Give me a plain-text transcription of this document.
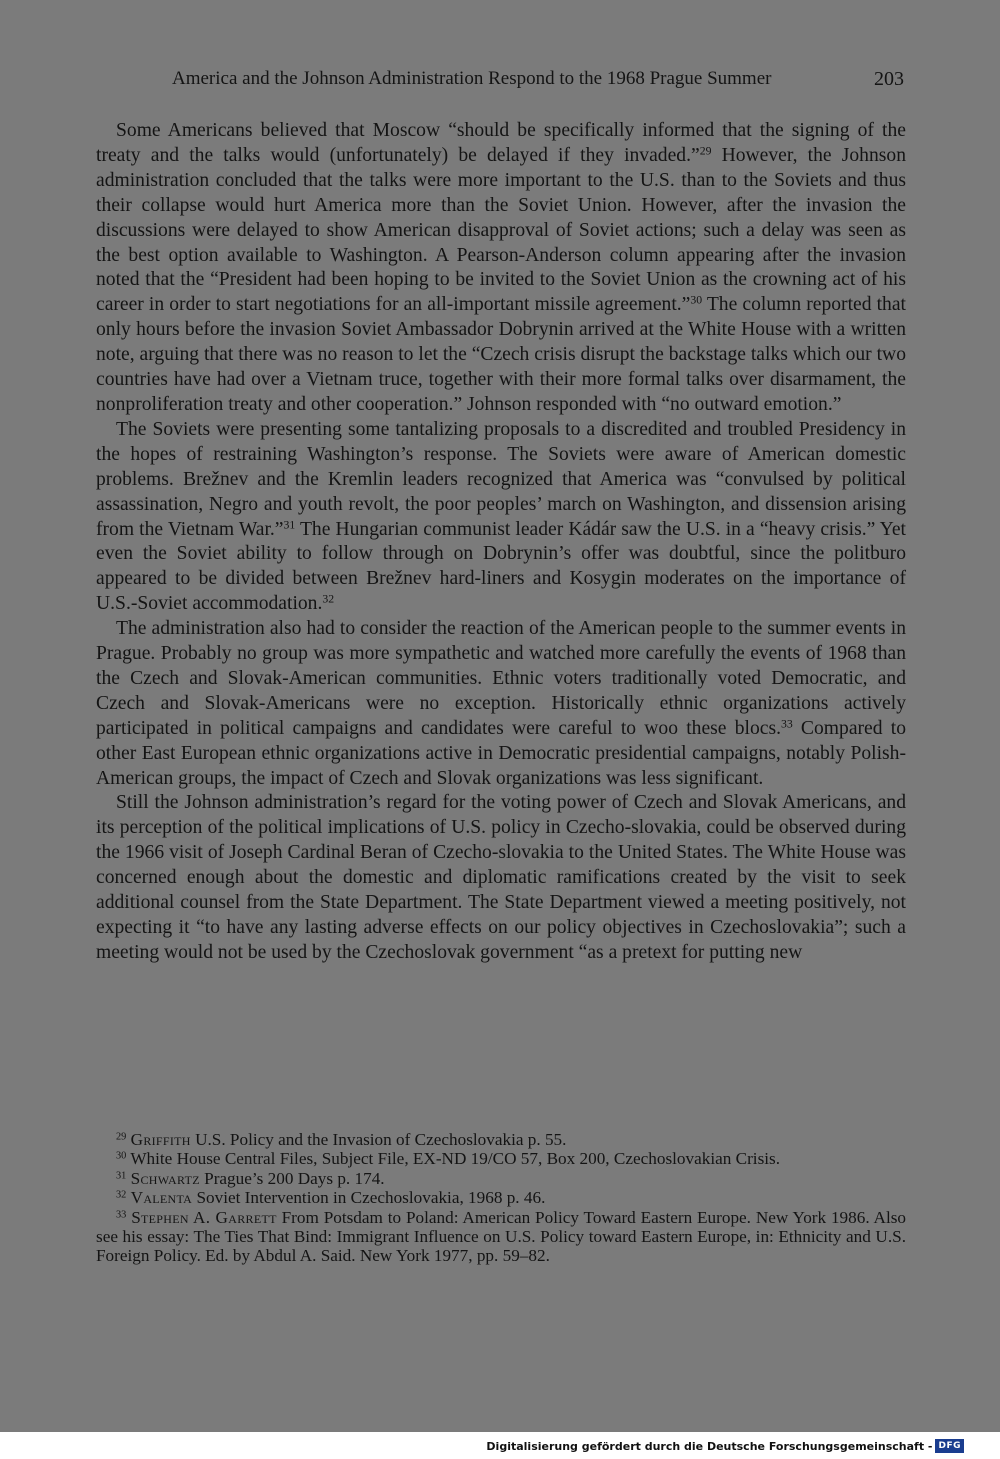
America and the Johnson Administration Respond to the 1968 Prague Summer	203

Some Americans believed that Moscow “should be specifically informed that the signing of the treaty and the talks would (unfortunately) be delayed if they invaded.”$^{29}$ However, the Johnson administration concluded that the talks were more important to the U.S. than to the Soviets and thus their collapse would hurt America more than the Soviet Union. However, after the invasion the discussions were delayed to show American disapproval of Soviet actions; such a delay was seen as the best option available to Washington. A Pearson-Anderson column appearing after the invasion noted that the “President had been hoping to be invited to the Soviet Union as the crowning act of his career in order to start negotiations for an all-important missile agreement.”$^{30}$ The column reported that only hours before the invasion Soviet Ambassador Dobrynin arrived at the White House with a written note, arguing that there was no reason to let the “Czech crisis disrupt the backstage talks which our two countries have had over a Vietnam truce, together with their more formal talks over disarmament, the nonproliferation treaty and other cooperation.” Johnson responded with “no outward emotion.”

The Soviets were presenting some tantalizing proposals to a discredited and troubled Presidency in the hopes of restraining Washington’s response. The Soviets were aware of American domestic problems. Brežnev and the Kremlin leaders recognized that America was “convulsed by political assassination, Negro and youth revolt, the poor peoples’ march on Washington, and dissension arising from the Vietnam War.”$^{31}$ The Hungarian communist leader Kádár saw the U.S. in a “heavy crisis.” Yet even the Soviet ability to follow through on Dobrynin’s offer was doubtful, since the politburo appeared to be divided between Brežnev hard-liners and Kosygin moderates on the importance of U.S.-Soviet accommodation.$^{32}$

The administration also had to consider the reaction of the American people to the summer events in Prague. Probably no group was more sympathetic and watched more carefully the events of 1968 than the Czech and Slovak-American communities. Ethnic voters traditionally voted Democratic, and Czech and Slovak-Americans were no exception. Historically ethnic organizations actively participated in political campaigns and candidates were careful to woo these blocs.$^{33}$ Compared to other East European ethnic organizations active in Democratic presidential campaigns, notably Polish-American groups, the impact of Czech and Slovak organizations was less significant.

Still the Johnson administration’s regard for the voting power of Czech and Slovak Americans, and its perception of the political implications of U.S. policy in Czecho-slovakia, could be observed during the 1966 visit of Joseph Cardinal Beran of Czecho-slovakia to the United States. The White House was concerned enough about the domestic and diplomatic ramifications created by the visit to seek additional counsel from the State Department. The State Department viewed a meeting positively, not expecting it “to have any lasting adverse effects on our policy objectives in Czechoslovakia”; such a meeting would not be used by the Czechoslovak government “as a pretext for putting new

$^{29}$ Griffith U.S. Policy and the Invasion of Czechoslovakia p. 55.

$^{30}$ White House Central Files, Subject File, EX-ND 19/CO 57, Box 200, Czechoslovakian Crisis.

$^{31}$ Schwartz Prague’s 200 Days p. 174.

$^{32}$ Valenta Soviet Intervention in Czechoslovakia, 1968 p. 46.

$^{33}$ Stephen A. Garrett From Potsdam to Poland: American Policy Toward Eastern Europe. New York 1986. Also see his essay: The Ties That Bind: Immigrant Influence on U.S. Policy toward Eastern Europe, in: Ethnicity and U.S. Foreign Policy. Ed. by Abdul A. Said. New York 1977, pp. 59–82.

Digitalisierung gefördert durch die Deutsche Forschungsgemeinschaft - DFG
